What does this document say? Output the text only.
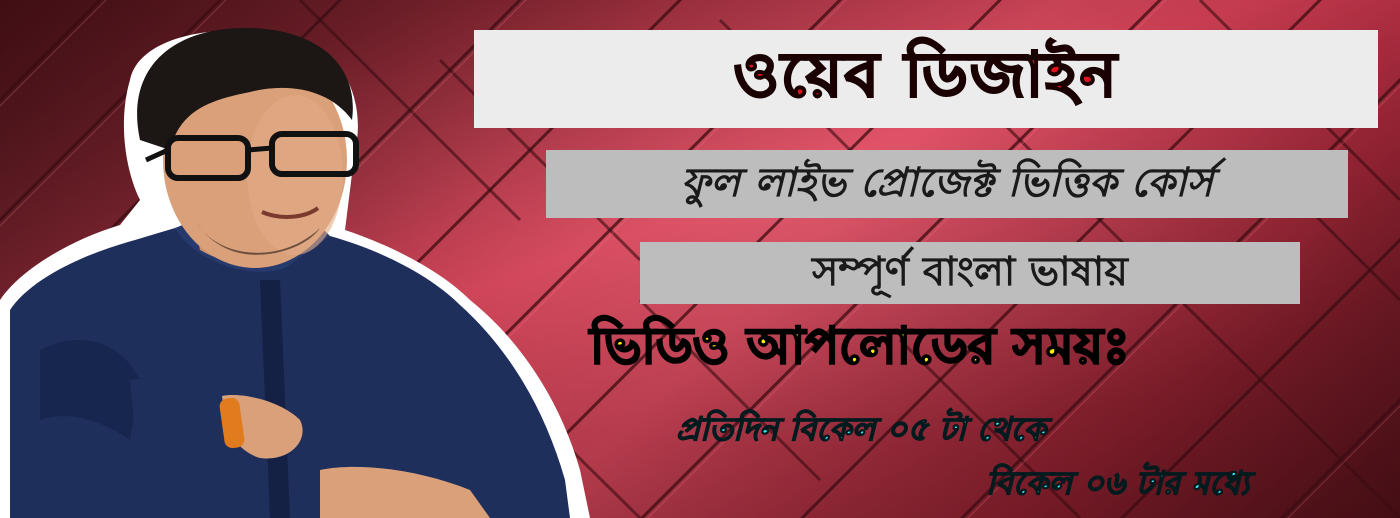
ওয়েব ডিজাইন
ফুল লাইভ প্রোজেক্ট ভিত্তিক কোর্স
সম্পূর্ণ বাংলা ভাষায়
ভিডিও আপলোডের সময়ঃ
প্রতিদিন বিকেল ০৫ টা থেকে
বিকেল ০৬ টার মধ্যে
